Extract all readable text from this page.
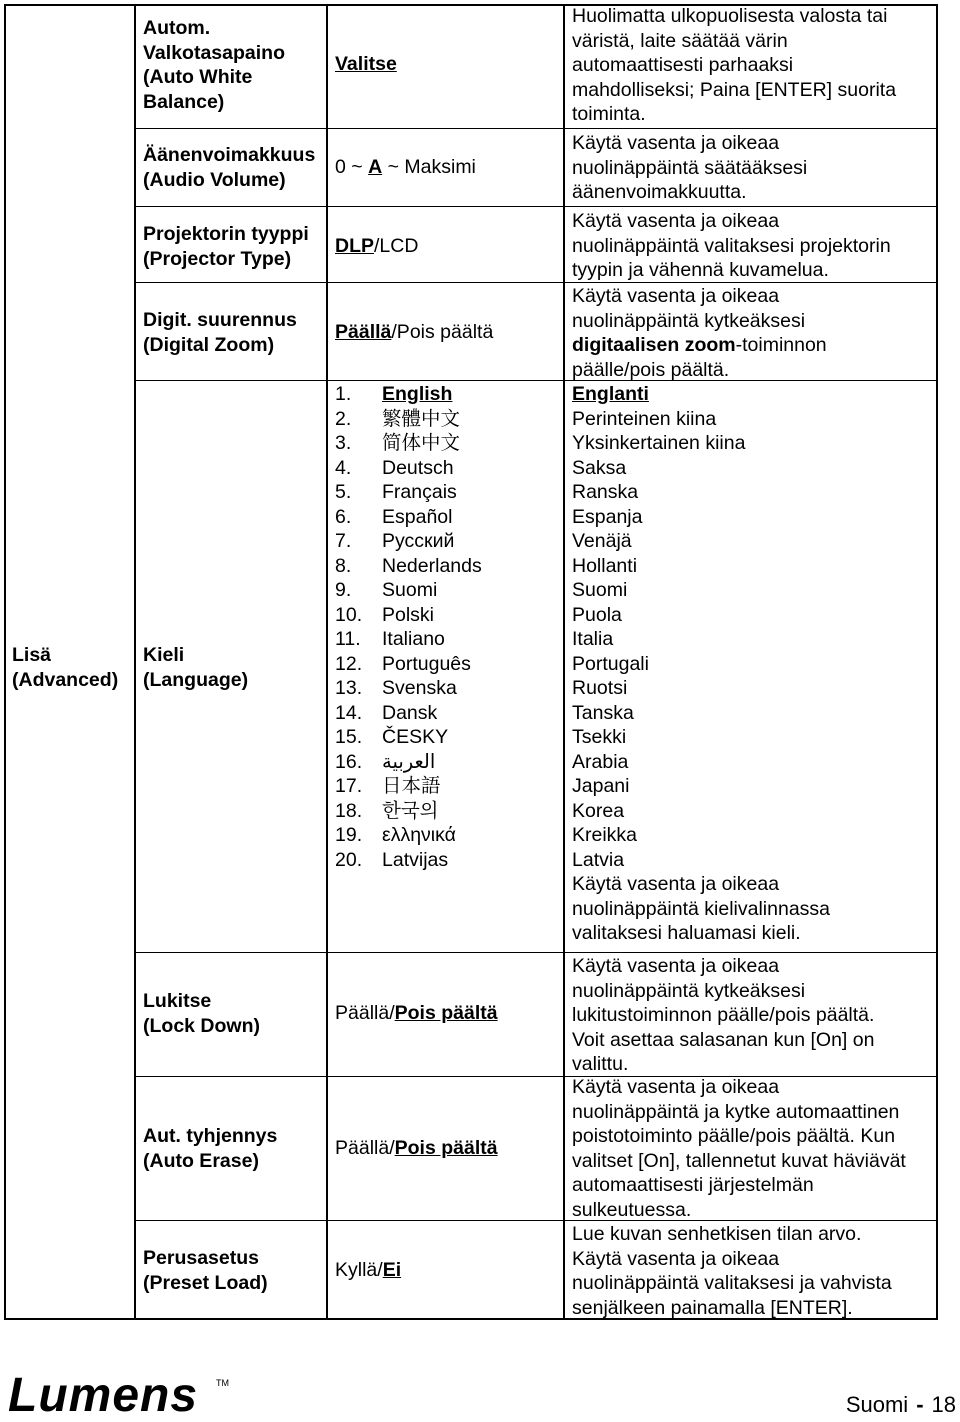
Lisä
(Advanced)
Autom.
Valkotasapaino
(Auto White
Balance)
Valitse
Huolimatta ulkopuolisesta valosta tai
väristä, laite säätää värin
automaattisesti parhaaksi
mahdolliseksi; Paina [ENTER] suorita
toiminta.
Äänenvoimakkuus
(Audio Volume)
0 ~ A ~ Maksimi
Käytä vasenta ja oikeaa
nuolinäppäintä säätääksesi
äänenvoimakkuutta.
Projektorin tyyppi
(Projector Type)
DLP/LCD
Käytä vasenta ja oikeaa
nuolinäppäintä valitaksesi projektorin
tyypin ja vähennä kuvamelua.
Digit. suurennus
(Digital Zoom)
Päällä/Pois päältä
Käytä vasenta ja oikeaa
nuolinäppäintä kytkeäksesi
digitaalisen zoom-toiminnon
päälle/pois päältä.
Kieli
(Language)
1. English
2. 繁體中文
3. 简体中文
4. Deutsch
5. Français
6. Español
7. Русский
8. Nederlands
9. Suomi
10. Polski
11. Italiano
12. Português
13. Svenska
14. Dansk
15. ČESKY
16. العربية
17. 日本語
18. 한국의
19. ελληνικά
20. Latvijas
Englanti
Perinteinen kiina
Yksinkertainen kiina
Saksa
Ranska
Espanja
Venäjä
Hollanti
Suomi
Puola
Italia
Portugali
Ruotsi
Tanska
Tsekki
Arabia
Japani
Korea
Kreikka
Latvia
Käytä vasenta ja oikeaa
nuolinäppäintä kielivalinnassa
valitaksesi haluamasi kieli.
Lukitse
(Lock Down)
Päällä/Pois päältä
Käytä vasenta ja oikeaa
nuolinäppäintä kytkeäksesi
lukitustoiminnon päälle/pois päältä.
Voit asettaa salasanan kun [On] on
valittu.
Aut. tyhjennys
(Auto Erase)
Päällä/Pois päältä
Käytä vasenta ja oikeaa
nuolinäppäintä ja kytke automaattinen
poistotoiminto päälle/pois päältä. Kun
valitset [On], tallennetut kuvat häviävät
automaattisesti järjestelmän
sulkeutuessa.
Perusasetus
(Preset Load)
Kyllä/Ei
Lue kuvan senhetkisen tilan arvo.
Käytä vasenta ja oikeaa
nuolinäppäintä valitaksesi ja vahvista
senjälkeen painamalla [ENTER].
Lumens TM
Suomi - 18
